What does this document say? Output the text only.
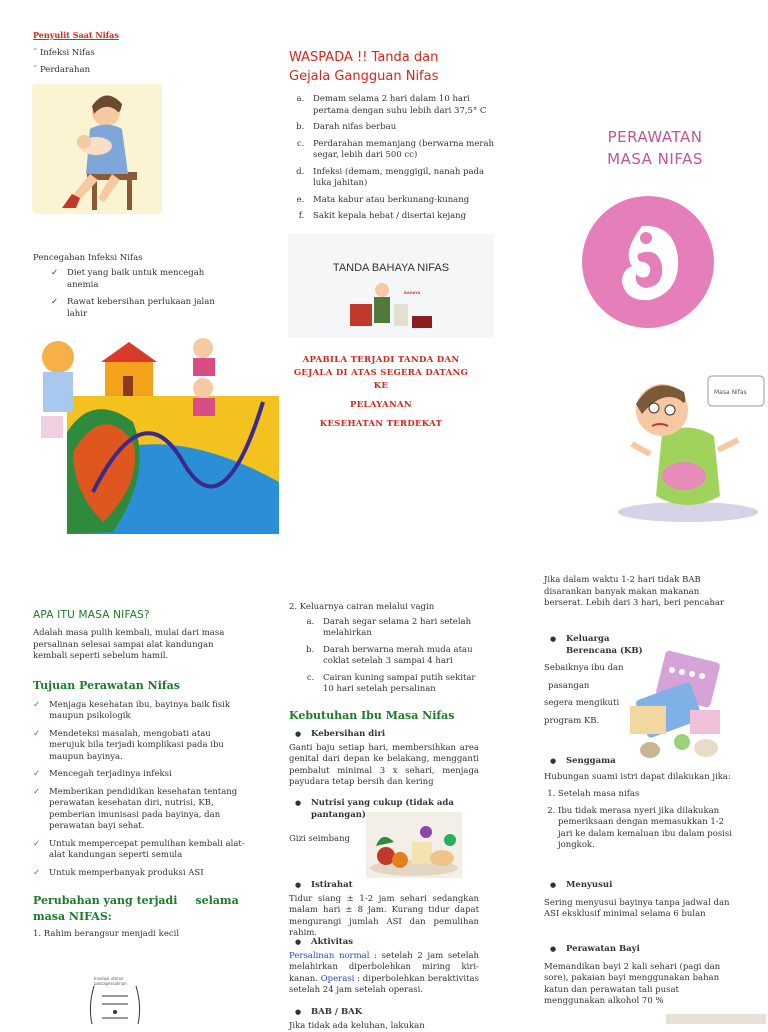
Penyulit Saat Nifas
¨ Infeksi Nifas
¨ Perdarahan
Pencegahan Infeksi Nifas
✓ Diet yang baik untuk mencegah anemia
✓ Rawat kebersihan perlukaan jalan lahir
WASPADA !! Tanda dan
Gejala Gangguan Nifas
a. Demam selama 2 hari dalam 10 hari pertama dengan suhu lebih dari 37,5° C
b. Darah nifas berbau
c. Perdarahan memanjang (berwarna merah segar, lebih dari 500 cc)
d. Infeksi (demam, menggigil, nanah pada luka jahitan)
e. Mata kabur atau berkunang-kunang
f. Sakit kepala hebat / disertai kejang
TANDA BAHAYA NIFAS
BAHAYA
APABILA TERJADI TANDA DAN
GEJALA DI ATAS SEGERA DATANG
KE
PELAYANAN
KESEHATAN TERDEKAT
PERAWATAN
MASA NIFAS
Masa Nifas
APA ITU MASA NIFAS?
Adalah masa pulih kembali, mulai dari masa persalinan selesai sampai alat kandungan kembali seperti sebelum hamil.
Tujuan Perawatan Nifas
✓ Menjaga kesehatan ibu, bayinya baik fisik maupun psikologik
✓ Mendeteksi masalah, mengobati atau merujuk bila terjadi komplikasi pada ibu maupun bayinya.
✓ Mencegah terjadinya infeksi
✓ Memberikan pendidikan kesehatan tentang perawatan kesehatan diri, nutrisi, KB, pemberian imunisasi pada bayinya, dan perawatan bayi sehat.
✓ Untuk mempercepat pemulihan kembali alat-alat kandungan seperti semula
✓ Untuk memperbanyak produksi ASI
Perubahan yang terjadi selama
masa NIFAS:
1. Rahim berangsur menjadi kecil
Involusi uterus pascapersalinan
2. Keluarnya cairan melalui vagin
a. Darah segar selama 2 hari setelah melahirkan
b. Darah berwarna merah muda atau coklat setelah 3 sampai 4 hari
c. Cairan kuning sampai putih sekitar 10 hari setelah persalinan
Kebutuhan Ibu Masa Nifas
● Kebersihan diri
Ganti baju setiap hari, membersihkan area genital dari depan ke belakang, mengganti pembalut minimal 3 x sehari, menjaga payudara tetap bersih dan kering
● Nutrisi yang cukup (tidak ada pantangan)
Gizi seimbang
● Istirahat
Tidur siang ± 1-2 jam sehari sedangkan malam hari ± 8 jam. Kurang tidur dapat mengurangi jumlah ASI dan pemulihan rahim.
● Aktivitas
Persalinan normal : setelah 2 jam setelah melahirkan diperbolehkan miring kiri-kanan. Operasi : diperbolehkan beraktivitas setelah 24 jam setelah operasi.
● BAB / BAK
Jika tidak ada keluhan, lakukan
Jika dalam waktu 1-2 hari tidak BAB disarankan banyak makan makanan berserat. Lebih dari 3 hari, beri pencahar
● Keluarga Berencana (KB)
Sebaiknya ibu dan
pasangan
segera mengikuti
program KB.
● Senggama
Hubungan suami istri dapat dilakukan jika:
1. Setelah masa nifas
2. Ibu tidak merasa nyeri jika dilakukan pemeriksaan dengan memasukkan 1-2 jari ke dalam kemaluan ibu dalam posisi jongkok.
● Menyusui
Sering menyusui bayinya tanpa jadwal dan ASI eksklusif minimal selama 6 bulan
● Perawatan Bayi
Memandikan bayi 2 kali sehari (pagi dan sore), pakaian bayi menggunakan bahan katun dan perawatan tali pusat menggunakan alkohol 70 %
